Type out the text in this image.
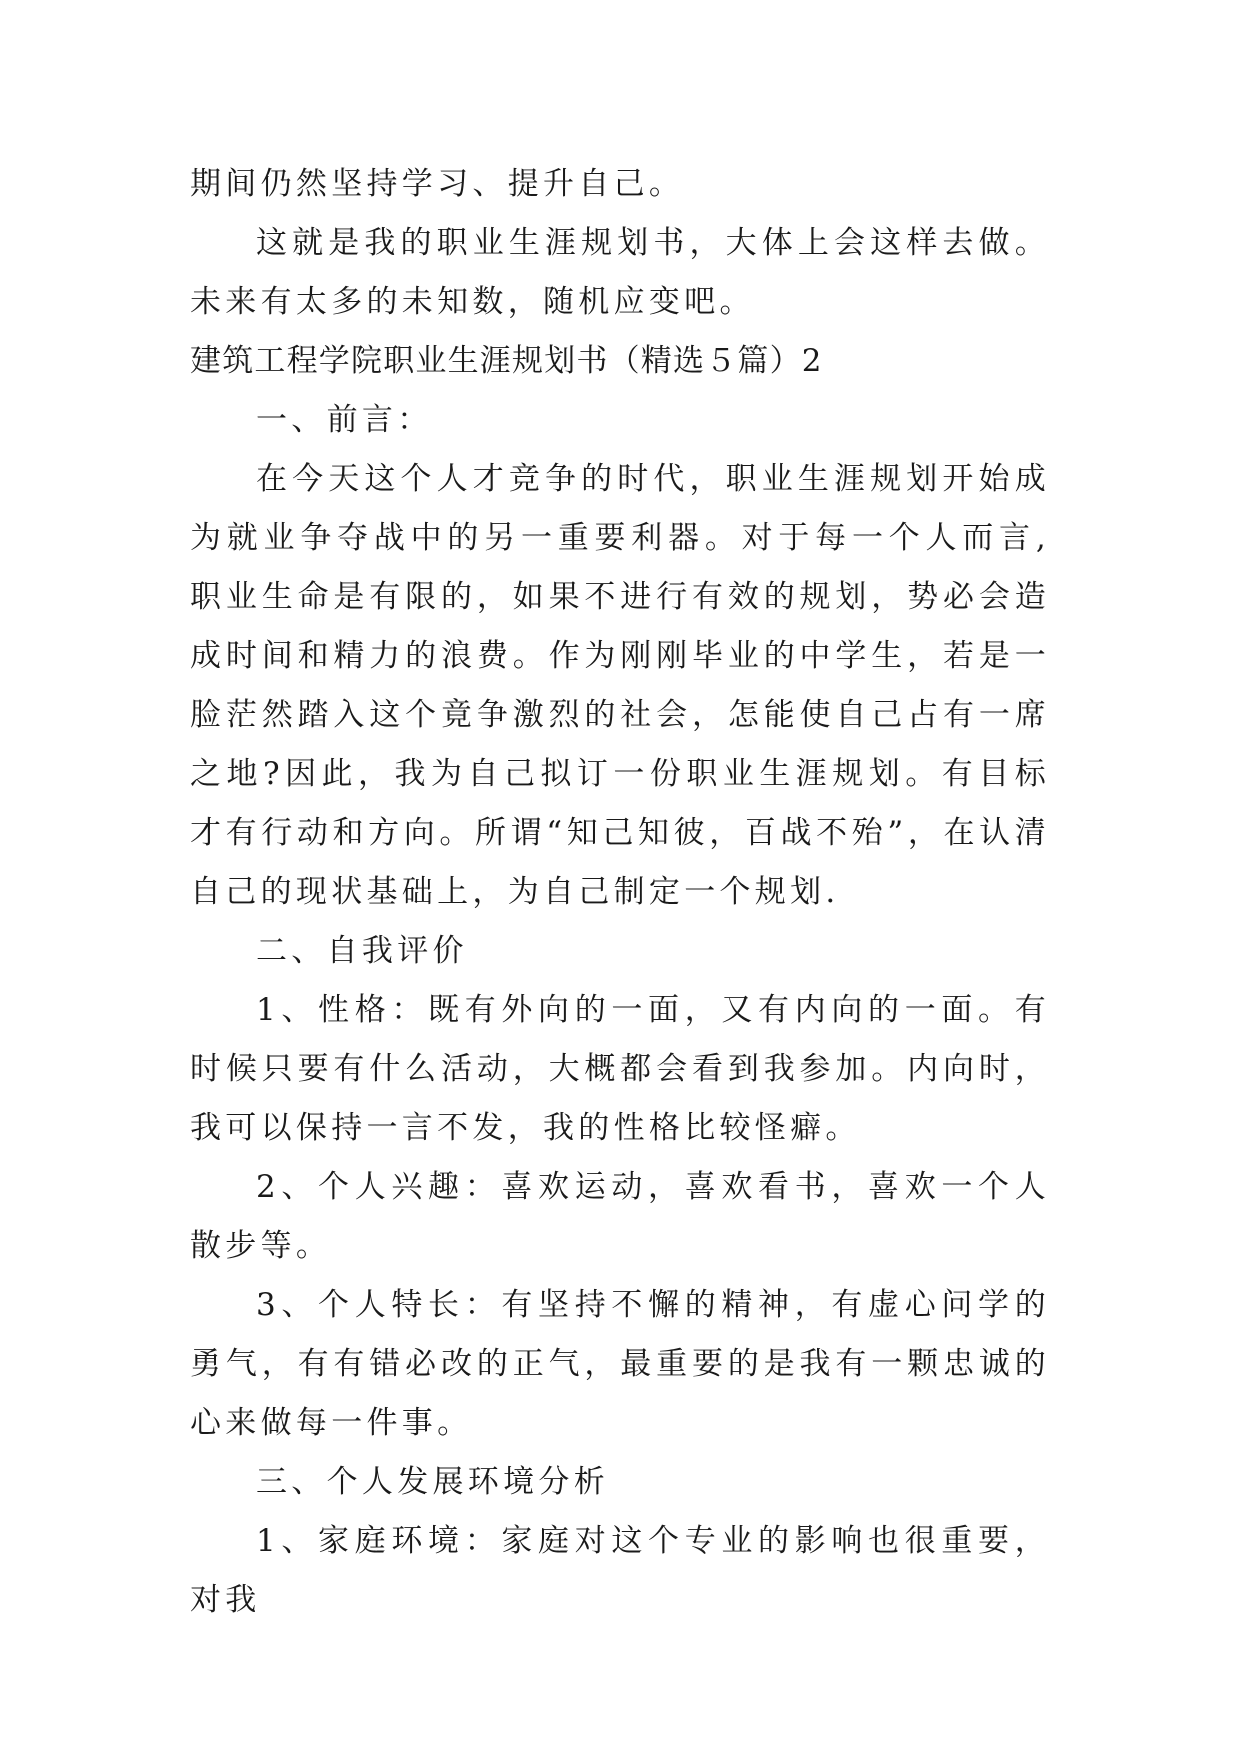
期间仍然坚持学习、提升自己。

这就是我的职业生涯规划书，大体上会这样去做。未来有太多的未知数，随机应变吧。

建筑工程学院职业生涯规划书（精选５篇）2

一、前言：

在今天这个人才竞争的时代，职业生涯规划开始成为就业争夺战中的另一重要利器。对于每一个人而言,职业生命是有限的，如果不进行有效的规划，势必会造成时间和精力的浪费。作为刚刚毕业的中学生，若是一脸茫然踏入这个竟争激烈的社会，怎能使自己占有一席之地?因此，我为自己拟订一份职业生涯规划。有目标才有行动和方向。所谓“知己知彼，百战不殆”，在认清自己的现状基础上，为自己制定一个规划.

二、自我评价

1、性格：既有外向的一面，又有内向的一面。有时候只要有什么活动，大概都会看到我参加。内向时，我可以保持一言不发，我的性格比较怪癖。

2、个人兴趣：喜欢运动，喜欢看书，喜欢一个人散步等。

3、个人特长：有坚持不懈的精神，有虚心问学的勇气，有有错必改的正气，最重要的是我有一颗忠诚的心来做每一件事。

三、个人发展环境分析

1、家庭环境：家庭对这个专业的影响也很重要，对我
